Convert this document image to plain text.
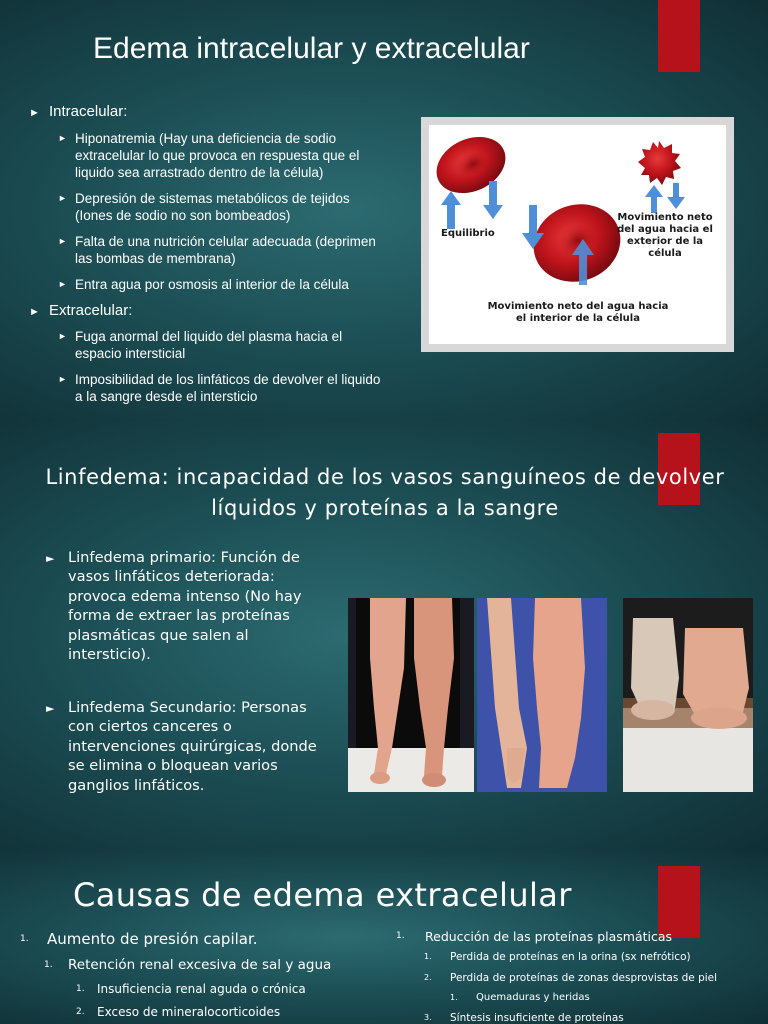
Edema intracelular y extracelular
► Intracelular:
► Hiponatremia (Hay una deficiencia de sodio extracelular lo que provoca en respuesta que el liquido sea arrastrado dentro de la célula)
► Depresión de sistemas metabólicos de tejidos (Iones de sodio no son bombeados)
► Falta de una nutrición celular adecuada (deprimen las bombas de membrana)
► Entra agua por osmosis al interior de la célula
► Extracelular:
► Fuga anormal del liquido del plasma hacia el espacio intersticial
► Imposibilidad de los linfáticos de devolver el liquido a la sangre desde el intersticio
Equilibrio
Movimiento neto del agua hacia el exterior de la célula
Movimiento neto del agua hacia el interior de la célula
Linfedema: incapacidad de los vasos sanguíneos de devolver líquidos y proteínas a la sangre
► Linfedema primario: Función de vasos linfáticos deteriorada: provoca edema intenso (No hay forma de extraer las proteínas plasmáticas que salen al intersticio).
► Linfedema Secundario: Personas con ciertos canceres o intervenciones quirúrgicas, donde se elimina o bloquean varios ganglios linfáticos.
Causas de edema extracelular
1. Aumento de presión capilar.
1. Retención renal excesiva de sal y agua
1. Insuficiencia renal aguda o crónica
2. Exceso de mineralocorticoides
1. Reducción de las proteínas plasmáticas
1. Perdida de proteínas en la orina (sx nefrótico)
2. Perdida de proteínas de zonas desprovistas de piel
1. Quemaduras y heridas
3. Síntesis insuficiente de proteínas
